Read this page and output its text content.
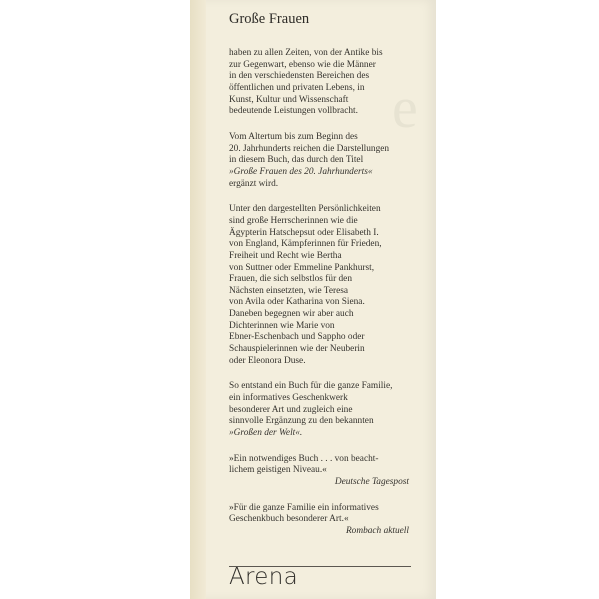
e
Große Frauen
haben zu allen Zeiten, von der Antike bis
zur Gegenwart, ebenso wie die Männer
in den verschiedensten Bereichen des
öffentlichen und privaten Lebens, in
Kunst, Kultur und Wissenschaft
bedeutende Leistungen vollbracht.
Vom Altertum bis zum Beginn des
20. Jahrhunderts reichen die Darstellungen
in diesem Buch, das durch den Titel
»Große Frauen des 20. Jahrhunderts«
ergänzt wird.
Unter den dargestellten Persönlichkeiten
sind große Herrscherinnen wie die
Ägypterin Hatschepsut oder Elisabeth I.
von England, Kämpferinnen für Frieden,
Freiheit und Recht wie Bertha
von Suttner oder Emmeline Pankhurst,
Frauen, die sich selbstlos für den
Nächsten einsetzten, wie Teresa
von Avila oder Katharina von Siena.
Daneben begegnen wir aber auch
Dichterinnen wie Marie von
Ebner-Eschenbach und Sappho oder
Schauspielerinnen wie der Neuberin
oder Eleonora Duse.
So entstand ein Buch für die ganze Familie,
ein informatives Geschenkwerk
besonderer Art und zugleich eine
sinnvolle Ergänzung zu den bekannten
»Großen der Welt«.
»Ein notwendiges Buch . . . von beacht-
lichem geistigen Niveau.«
Deutsche Tagespost
»Für die ganze Familie ein informatives
Geschenkbuch besonderer Art.«
Rombach aktuell
Arena
